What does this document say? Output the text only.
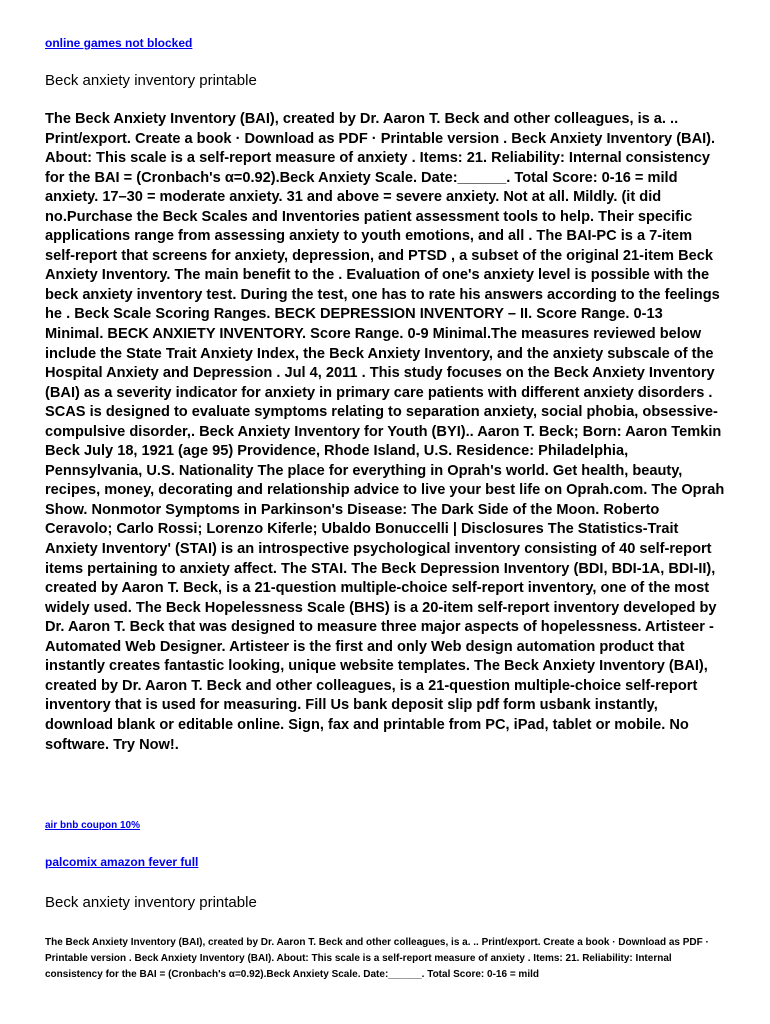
online games not blocked
Beck anxiety inventory printable

The Beck Anxiety Inventory (BAI), created by Dr. Aaron T. Beck and other colleagues, is a. .. Print/export. Create a book · Download as PDF · Printable version . Beck Anxiety Inventory (BAI). About: This scale is a self-report measure of anxiety . Items: 21. Reliability: Internal consistency for the BAI = (Cronbach's α=0.92).Beck Anxiety Scale. Date:______. Total Score: 0-16 = mild anxiety. 17–30 = moderate anxiety. 31 and above = severe anxiety. Not at all. Mildly. (it did no.Purchase the Beck Scales and Inventories patient assessment tools to help. Their specific applications range from assessing anxiety to youth emotions, and all . The BAI-PC is a 7-item self-report that screens for anxiety, depression, and PTSD , a subset of the original 21-item Beck Anxiety Inventory. The main benefit to the . Evaluation of one's anxiety level is possible with the beck anxiety inventory test. During the test, one has to rate his answers according to the feelings he . Beck Scale Scoring Ranges. BECK DEPRESSION INVENTORY – II. Score Range. 0-13 Minimal. BECK ANXIETY INVENTORY. Score Range. 0-9 Minimal.The measures reviewed below include the State Trait Anxiety Index, the Beck Anxiety Inventory, and the anxiety subscale of the Hospital Anxiety and Depression . Jul 4, 2011 . This study focuses on the Beck Anxiety Inventory (BAI) as a severity indicator for anxiety in primary care patients with different anxiety disorders . SCAS is designed to evaluate symptoms relating to separation anxiety, social phobia, obsessive-compulsive disorder,. Beck Anxiety Inventory for Youth (BYI).. Aaron T. Beck; Born: Aaron Temkin Beck July 18, 1921 (age 95) Providence, Rhode Island, U.S. Residence: Philadelphia, Pennsylvania, U.S. Nationality The place for everything in Oprah's world. Get health, beauty, recipes, money, decorating and relationship advice to live your best life on Oprah.com. The Oprah Show. Nonmotor Symptoms in Parkinson's Disease: The Dark Side of the Moon. Roberto Ceravolo; Carlo Rossi; Lorenzo Kiferle; Ubaldo Bonuccelli | Disclosures The Statistics-Trait Anxiety Inventory' (STAI) is an introspective psychological inventory consisting of 40 self-report items pertaining to anxiety affect. The STAI. The Beck Depression Inventory (BDI, BDI-1A, BDI-II), created by Aaron T. Beck, is a 21-question multiple-choice self-report inventory, one of the most widely used. The Beck Hopelessness Scale (BHS) is a 20-item self-report inventory developed by Dr. Aaron T. Beck that was designed to measure three major aspects of hopelessness. Artisteer - Automated Web Designer. Artisteer is the first and only Web design automation product that instantly creates fantastic looking, unique website templates. The Beck Anxiety Inventory (BAI), created by Dr. Aaron T. Beck and other colleagues, is a 21-question multiple-choice self-report inventory that is used for measuring. Fill Us bank deposit slip pdf form usbank instantly, download blank or editable online. Sign, fax and printable from PC, iPad, tablet or mobile. No software. Try Now!.

air bnb coupon 10%
palcomix amazon fever full
Beck anxiety inventory printable

The Beck Anxiety Inventory (BAI), created by Dr. Aaron T. Beck and other colleagues, is a. .. Print/export. Create a book · Download as PDF · Printable version . Beck Anxiety Inventory (BAI). About: This scale is a self-report measure of anxiety . Items: 21. Reliability: Internal consistency for the BAI = (Cronbach's α=0.92).Beck Anxiety Scale. Date:______. Total Score: 0-16 = mild
